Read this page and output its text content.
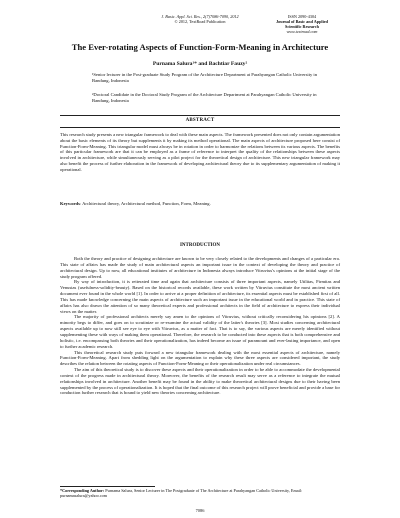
J. Basic. Appl. Sci. Res., 2(7)7086-7090, 2012
© 2012, TextRoad Publication
ISSN 2090-4304
Journal of Basic and Applied
Scientific Research
www.textroad.com
The Ever-rotating Aspects of Function-Form-Meaning in Architecture
Purnama Salura¹* and Bachtiar Fauzy²
¹Senior lecturer in the Post-graduate Study Program of the Architecture Department at Parahyangan Catholic University in Bandung, Indonesia
²Doctoral Candidate in the Doctoral Study Program of the Architecture Department at Parahyangan Catholic University in Bandung, Indonesia
ABSTRACT
This research study presents a new triangular framework to deal with these main aspects. The framework presented does not only contain argumentation about the basic elements of its theory but supplements it by making its method operational. The main aspects of architecture proposed here consist of Function-Form-Meaning. This triangular model must always be in rotation in order to harmonize the relations between its various aspects. The benefits of this particular framework are that it can be employed as a frame of reference to interpret the quality of the relationships between these aspects involved in architecture, while simultaneously serving as a pilot project for the theoretical design of architecture. This new triangular framework may also benefit the process of further elaboration in the framework of developing architectural theory due to its supplementary argumentation of making it operational.
Keywords: Architectural theory, Architectural method, Function, Form, Meaning.
INTRODUCTION

Both the theory and practice of designing architecture are known to be very closely related to the developments and changes of a particular era. This state of affairs has made the study of main architectural aspects an important issue in the context of developing the theory and practice of architectural design. Up to now, all educational institutes of architecture in Indonesia always introduce Vitruvius's opinions at the initial stage of the study program offered.

By way of introduction, it is reiterated time and again that architecture consists of three important aspects, namely Utilitas, Firmitas and Venustas (usefulness-solidity-beauty). Based on the historical records available, these work written by Vitruvius constitute the most ancient written document ever found in the whole world [1]. In order to arrive at a proper definition of architecture, its essential aspects must be established first of all. This has made knowledge concerning the main aspects of architecture such an important issue in the educational world and in practice. This state of affairs has also drawn the attention of so many theoretical experts and professional architects in the field of architecture to express their individual views on the matter.

The majority of professional architects merely say amen to the opinions of Vitruvius, without critically reconsidering his opinions [2]. A minority begs to differ, and goes on to scrutinize or re-examine the actual validity of the latter's theories [3]. Most studies concerning architectural aspects available up to now still see eye to eye with Vitruvius, as a matter of fact. That is to say, the various aspects are merely identified without supplementing these with ways of making them operational. Therefore, the research to be conducted into these aspects that is both comprehensive and holistic, i.e. encompassing both theories and their operationalization, has indeed become an issue of paramount and ever-lasting importance, and open to further academic research.

This theoretical research study puts forward a new triangular framework dealing with the most essential aspects of architecture, namely Function-Form-Meaning. Apart from shedding light on the argumentation to explain why these three aspects are considered important, the study describes the relation between the rotating aspects of Function-Form-Meaning or their operationalization under real circumstances.

The aim of this theoretical study is to discover these aspects and their operationalization in order to be able to accommodate the developmental context of the progress made in architectural theory. Moreover, the benefits of the research result may serve as a reference to integrate the mutual relationships involved in architecture. Another benefit may be found in the ability to make theoretical architectural designs due to their having been supplemented by the process of operationalization. It is hoped that the final outcome of this research project will prove beneficial and provide a base for conduction further research that is bound to yield new theories concerning architecture.

*Corresponding Author: Purnama Salura, Senior Lecturer in The Postgraduate of The Architecture at Parahyangan Catholic University, Email: purnamasalura@yahoo.com
7086
